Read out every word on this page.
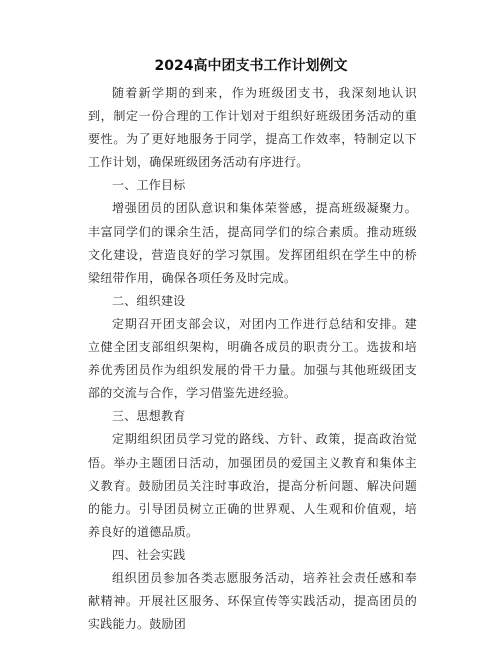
2024高中团支书工作计划例文

随着新学期的到来，作为班级团支书，我深刻地认识到，制定一份合理的工作计划对于组织好班级团务活动的重要性。为了更好地服务于同学，提高工作效率，特制定以下工作计划，确保班级团务活动有序进行。

一、工作目标

增强团员的团队意识和集体荣誉感，提高班级凝聚力。丰富同学们的课余生活，提高同学们的综合素质。推动班级文化建设，营造良好的学习氛围。发挥团组织在学生中的桥梁纽带作用，确保各项任务及时完成。

二、组织建设

定期召开团支部会议，对团内工作进行总结和安排。建立健全团支部组织架构，明确各成员的职责分工。选拔和培养优秀团员作为组织发展的骨干力量。加强与其他班级团支部的交流与合作，学习借鉴先进经验。

三、思想教育

定期组织团员学习党的路线、方针、政策，提高政治觉悟。举办主题团日活动，加强团员的爱国主义教育和集体主义教育。鼓励团员关注时事政治，提高分析问题、解决问题的能力。引导团员树立正确的世界观、人生观和价值观，培养良好的道德品质。

四、社会实践

组织团员参加各类志愿服务活动，培养社会责任感和奉献精神。开展社区服务、环保宣传等实践活动，提高团员的实践能力。鼓励团
